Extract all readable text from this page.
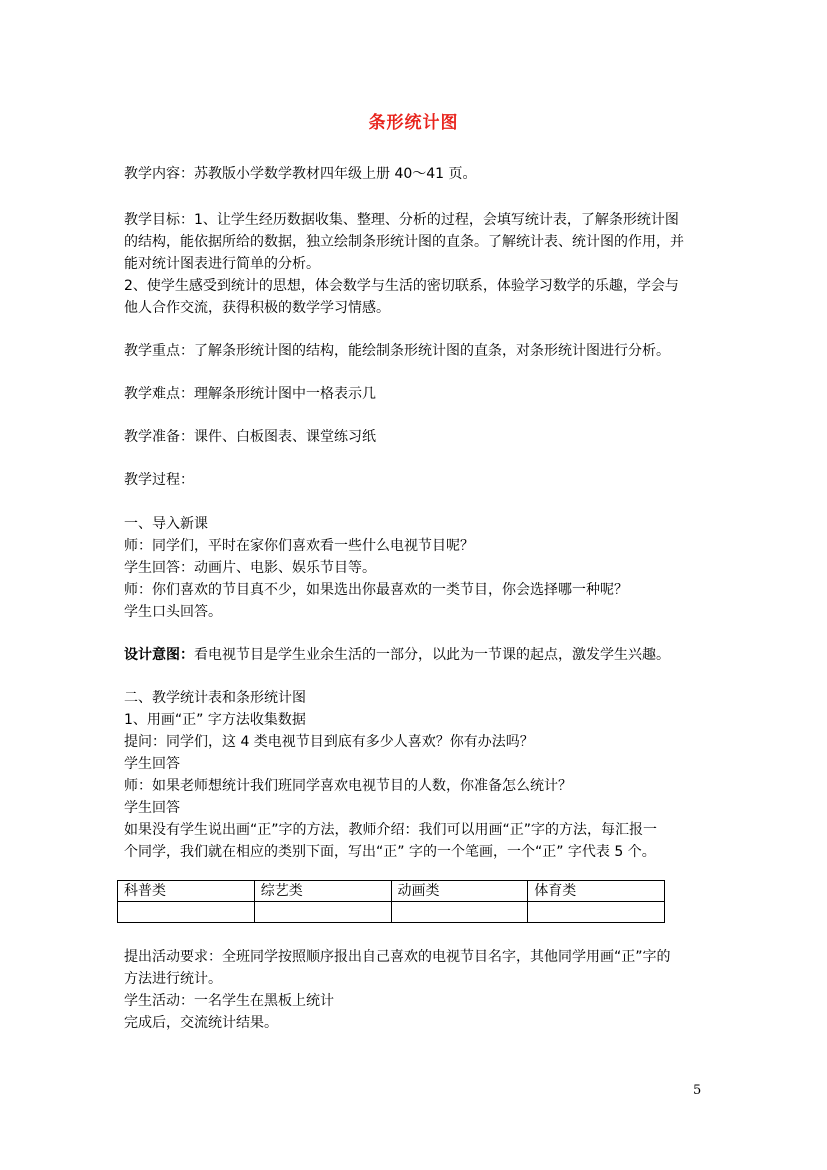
条形统计图
教学内容：苏教版小学数学教材四年级上册 40～41 页。
教学目标：1、让学生经历数据收集、整理、分析的过程，会填写统计表，了解条形统计图
的结构，能依据所给的数据，独立绘制条形统计图的直条。了解统计表、统计图的作用，并
能对统计图表进行简单的分析。
2、使学生感受到统计的思想，体会数学与生活的密切联系，体验学习数学的乐趣，学会与
他人合作交流，获得积极的数学学习情感。
教学重点：了解条形统计图的结构，能绘制条形统计图的直条，对条形统计图进行分析。
教学难点：理解条形统计图中一格表示几
教学准备：课件、白板图表、课堂练习纸
教学过程：
一、导入新课
师：同学们，平时在家你们喜欢看一些什么电视节目呢？
学生回答：动画片、电影、娱乐节目等。
师：你们喜欢的节目真不少，如果选出你最喜欢的一类节目，你会选择哪一种呢？
学生口头回答。
设计意图：看电视节目是学生业余生活的一部分，以此为一节课的起点，激发学生兴趣。
二、教学统计表和条形统计图
1、用画“正” 字方法收集数据
提问：同学们，这 4 类电视节目到底有多少人喜欢？你有办法吗？
学生回答
师：如果老师想统计我们班同学喜欢电视节目的人数，你准备怎么统计？
学生回答
如果没有学生说出画“正”字的方法，教师介绍：我们可以用画“正”字的方法，每汇报一
个同学，我们就在相应的类别下面，写出“正” 字的一个笔画，一个“正” 字代表 5 个。
科普类	综艺类	动画类	体育类

提出活动要求：全班同学按照顺序报出自己喜欢的电视节目名字，其他同学用画“正”字的
方法进行统计。
学生活动：一名学生在黑板上统计
完成后，交流统计结果。
5
